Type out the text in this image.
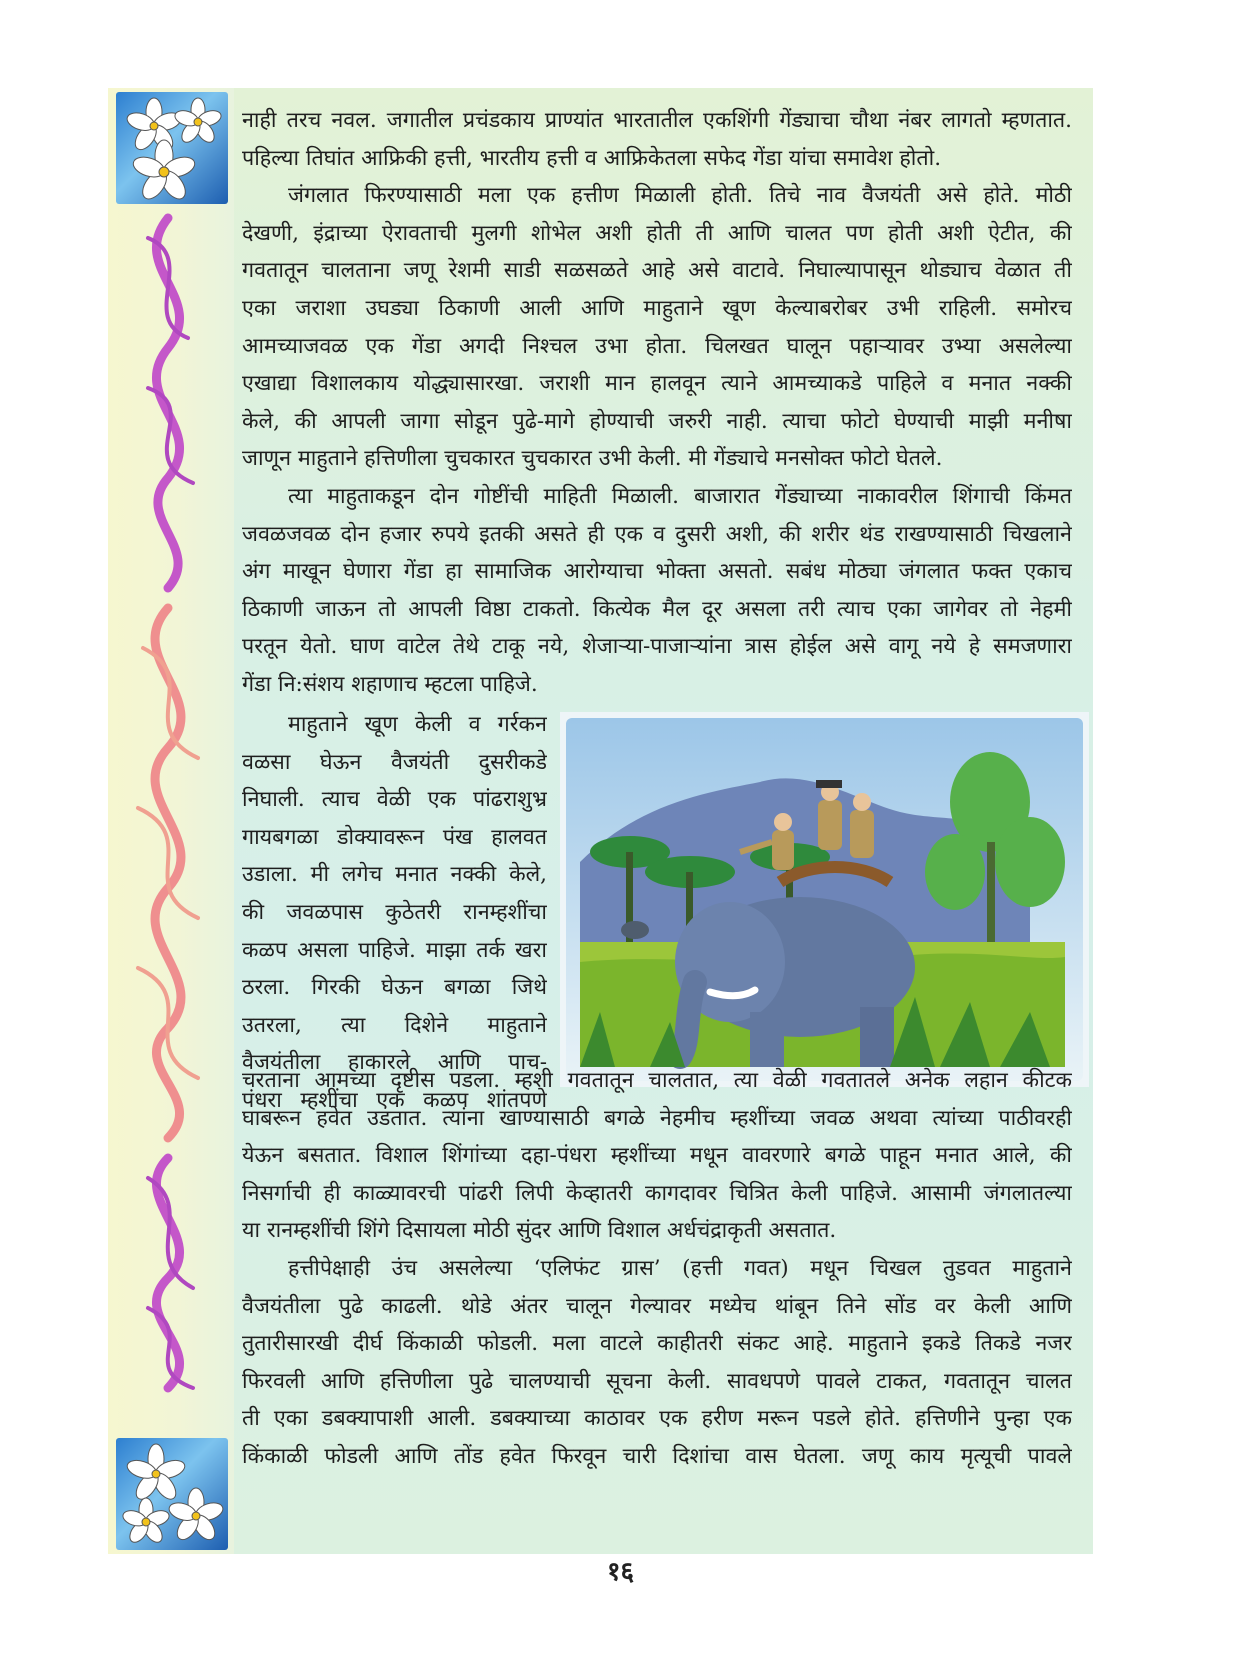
नाही तरच नवल. जगातील प्रचंडकाय प्राण्यांत भारतातील एकशिंगी गेंड्याचा चौथा नंबर लागतो म्हणतात.
पहिल्या तिघांत आफ्रिकी हत्ती, भारतीय हत्ती व आफ्रिकेतला सफेद गेंडा यांचा समावेश होतो.
जंगलात फिरण्यासाठी मला एक हत्तीण मिळाली होती. तिचे नाव वैजयंती असे होते. मोठी
देखणी, इंद्राच्या ऐरावताची मुलगी शोभेल अशी होती ती आणि चालत पण होती अशी ऐटीत, की
गवतातून चालताना जणू रेशमी साडी सळसळते आहे असे वाटावे. निघाल्यापासून थोड्याच वेळात ती
एका जराशा उघड्या ठिकाणी आली आणि माहुताने खूण केल्याबरोबर उभी राहिली. समोरच
आमच्याजवळ एक गेंडा अगदी निश्चल उभा होता. चिलखत घालून पहाऱ्यावर उभ्या असलेल्या
एखाद्या विशालकाय योद्ध्यासारखा. जराशी मान हालवून त्याने आमच्याकडे पाहिले व मनात नक्की
केले, की आपली जागा सोडून पुढे-मागे होण्याची जरुरी नाही. त्याचा फोटो घेण्याची माझी मनीषा
जाणून माहुताने हत्तिणीला चुचकारत चुचकारत उभी केली. मी गेंड्याचे मनसोक्त फोटो घेतले.
त्या माहुताकडून दोन गोष्टींची माहिती मिळाली. बाजारात गेंड्याच्या नाकावरील शिंगाची किंमत
जवळजवळ दोन हजार रुपये इतकी असते ही एक व दुसरी अशी, की शरीर थंड राखण्यासाठी चिखलाने
अंग माखून घेणारा गेंडा हा सामाजिक आरोग्याचा भोक्ता असतो. सबंध मोठ्या जंगलात फक्त एकाच
ठिकाणी जाऊन तो आपली विष्ठा टाकतो. कित्येक मैल दूर असला तरी त्याच एका जागेवर तो नेहमी
परतून येतो. घाण वाटेल तेथे टाकू नये, शेजाऱ्या-पाजाऱ्यांना त्रास होईल असे वागू नये हे समजणारा
गेंडा नि:संशय शहाणाच म्हटला पाहिजे.
माहुताने खूण केली व गर्रकन
वळसा घेऊन वैजयंती दुसरीकडे
निघाली. त्याच वेळी एक पांढराशुभ्र
गायबगळा डोक्यावरून पंख हालवत
उडाला. मी लगेच मनात नक्की केले,
की जवळपास कुठेतरी रानम्हशींचा
कळप असला पाहिजे. माझा तर्क खरा
ठरला. गिरकी घेऊन बगळा जिथे
उतरला, त्या दिशेने माहुताने
वैजयंतीला हाकारले आणि पाच-
पंधरा म्हशींचा एक कळप शांतपणे
चरताना आमच्या दृष्टीस पडला. म्हशी गवतातून चालतात, त्या वेळी गवतातले अनेक लहान कीटक
घाबरून हवेत उडतात. त्यांना खाण्यासाठी बगळे नेहमीच म्हशींच्या जवळ अथवा त्यांच्या पाठीवरही
येऊन बसतात. विशाल शिंगांच्या दहा-पंधरा म्हशींच्या मधून वावरणारे बगळे पाहून मनात आले, की
निसर्गाची ही काळ्यावरची पांढरी लिपी केव्हातरी कागदावर चित्रित केली पाहिजे. आसामी जंगलातल्या
या रानम्हशींची शिंगे दिसायला मोठी सुंदर आणि विशाल अर्धचंद्राकृती असतात.
हत्तीपेक्षाही उंच असलेल्या ‘एलिफंट ग्रास’ (हत्ती गवत) मधून चिखल तुडवत माहुताने
वैजयंतीला पुढे काढली. थोडे अंतर चालून गेल्यावर मध्येच थांबून तिने सोंड वर केली आणि
तुतारीसारखी दीर्घ किंकाळी फोडली. मला वाटले काहीतरी संकट आहे. माहुताने इकडे तिकडे नजर
फिरवली आणि हत्तिणीला पुढे चालण्याची सूचना केली. सावधपणे पावले टाकत, गवतातून चालत
ती एका डबक्यापाशी आली. डबक्याच्या काठावर एक हरीण मरून पडले होते. हत्तिणीने पुन्हा एक
किंकाळी फोडली आणि तोंड हवेत फिरवून चारी दिशांचा वास घेतला. जणू काय मृत्यूची पावले
१६
